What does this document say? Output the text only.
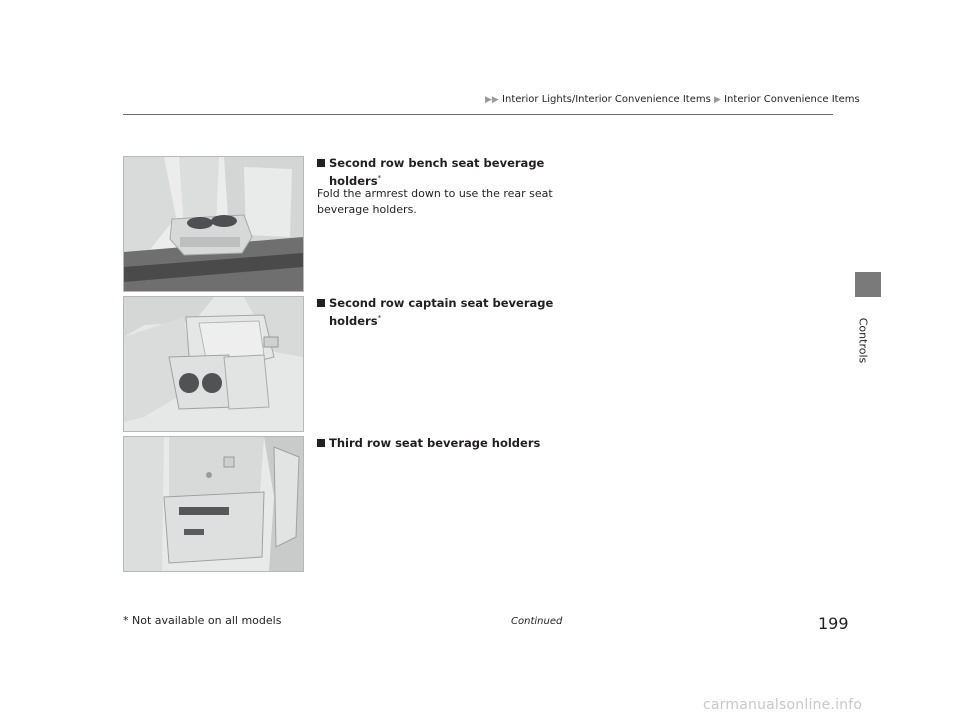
▶▶ Interior Lights/Interior Convenience Items ▶ Interior Convenience Items
Controls
Second row bench seat beverage
holders*
Fold the armrest down to use the rear seat beverage holders.
Second row captain seat beverage
holders*
Third row seat beverage holders
* Not available on all models	Continued	199
carmanualsonline.info
